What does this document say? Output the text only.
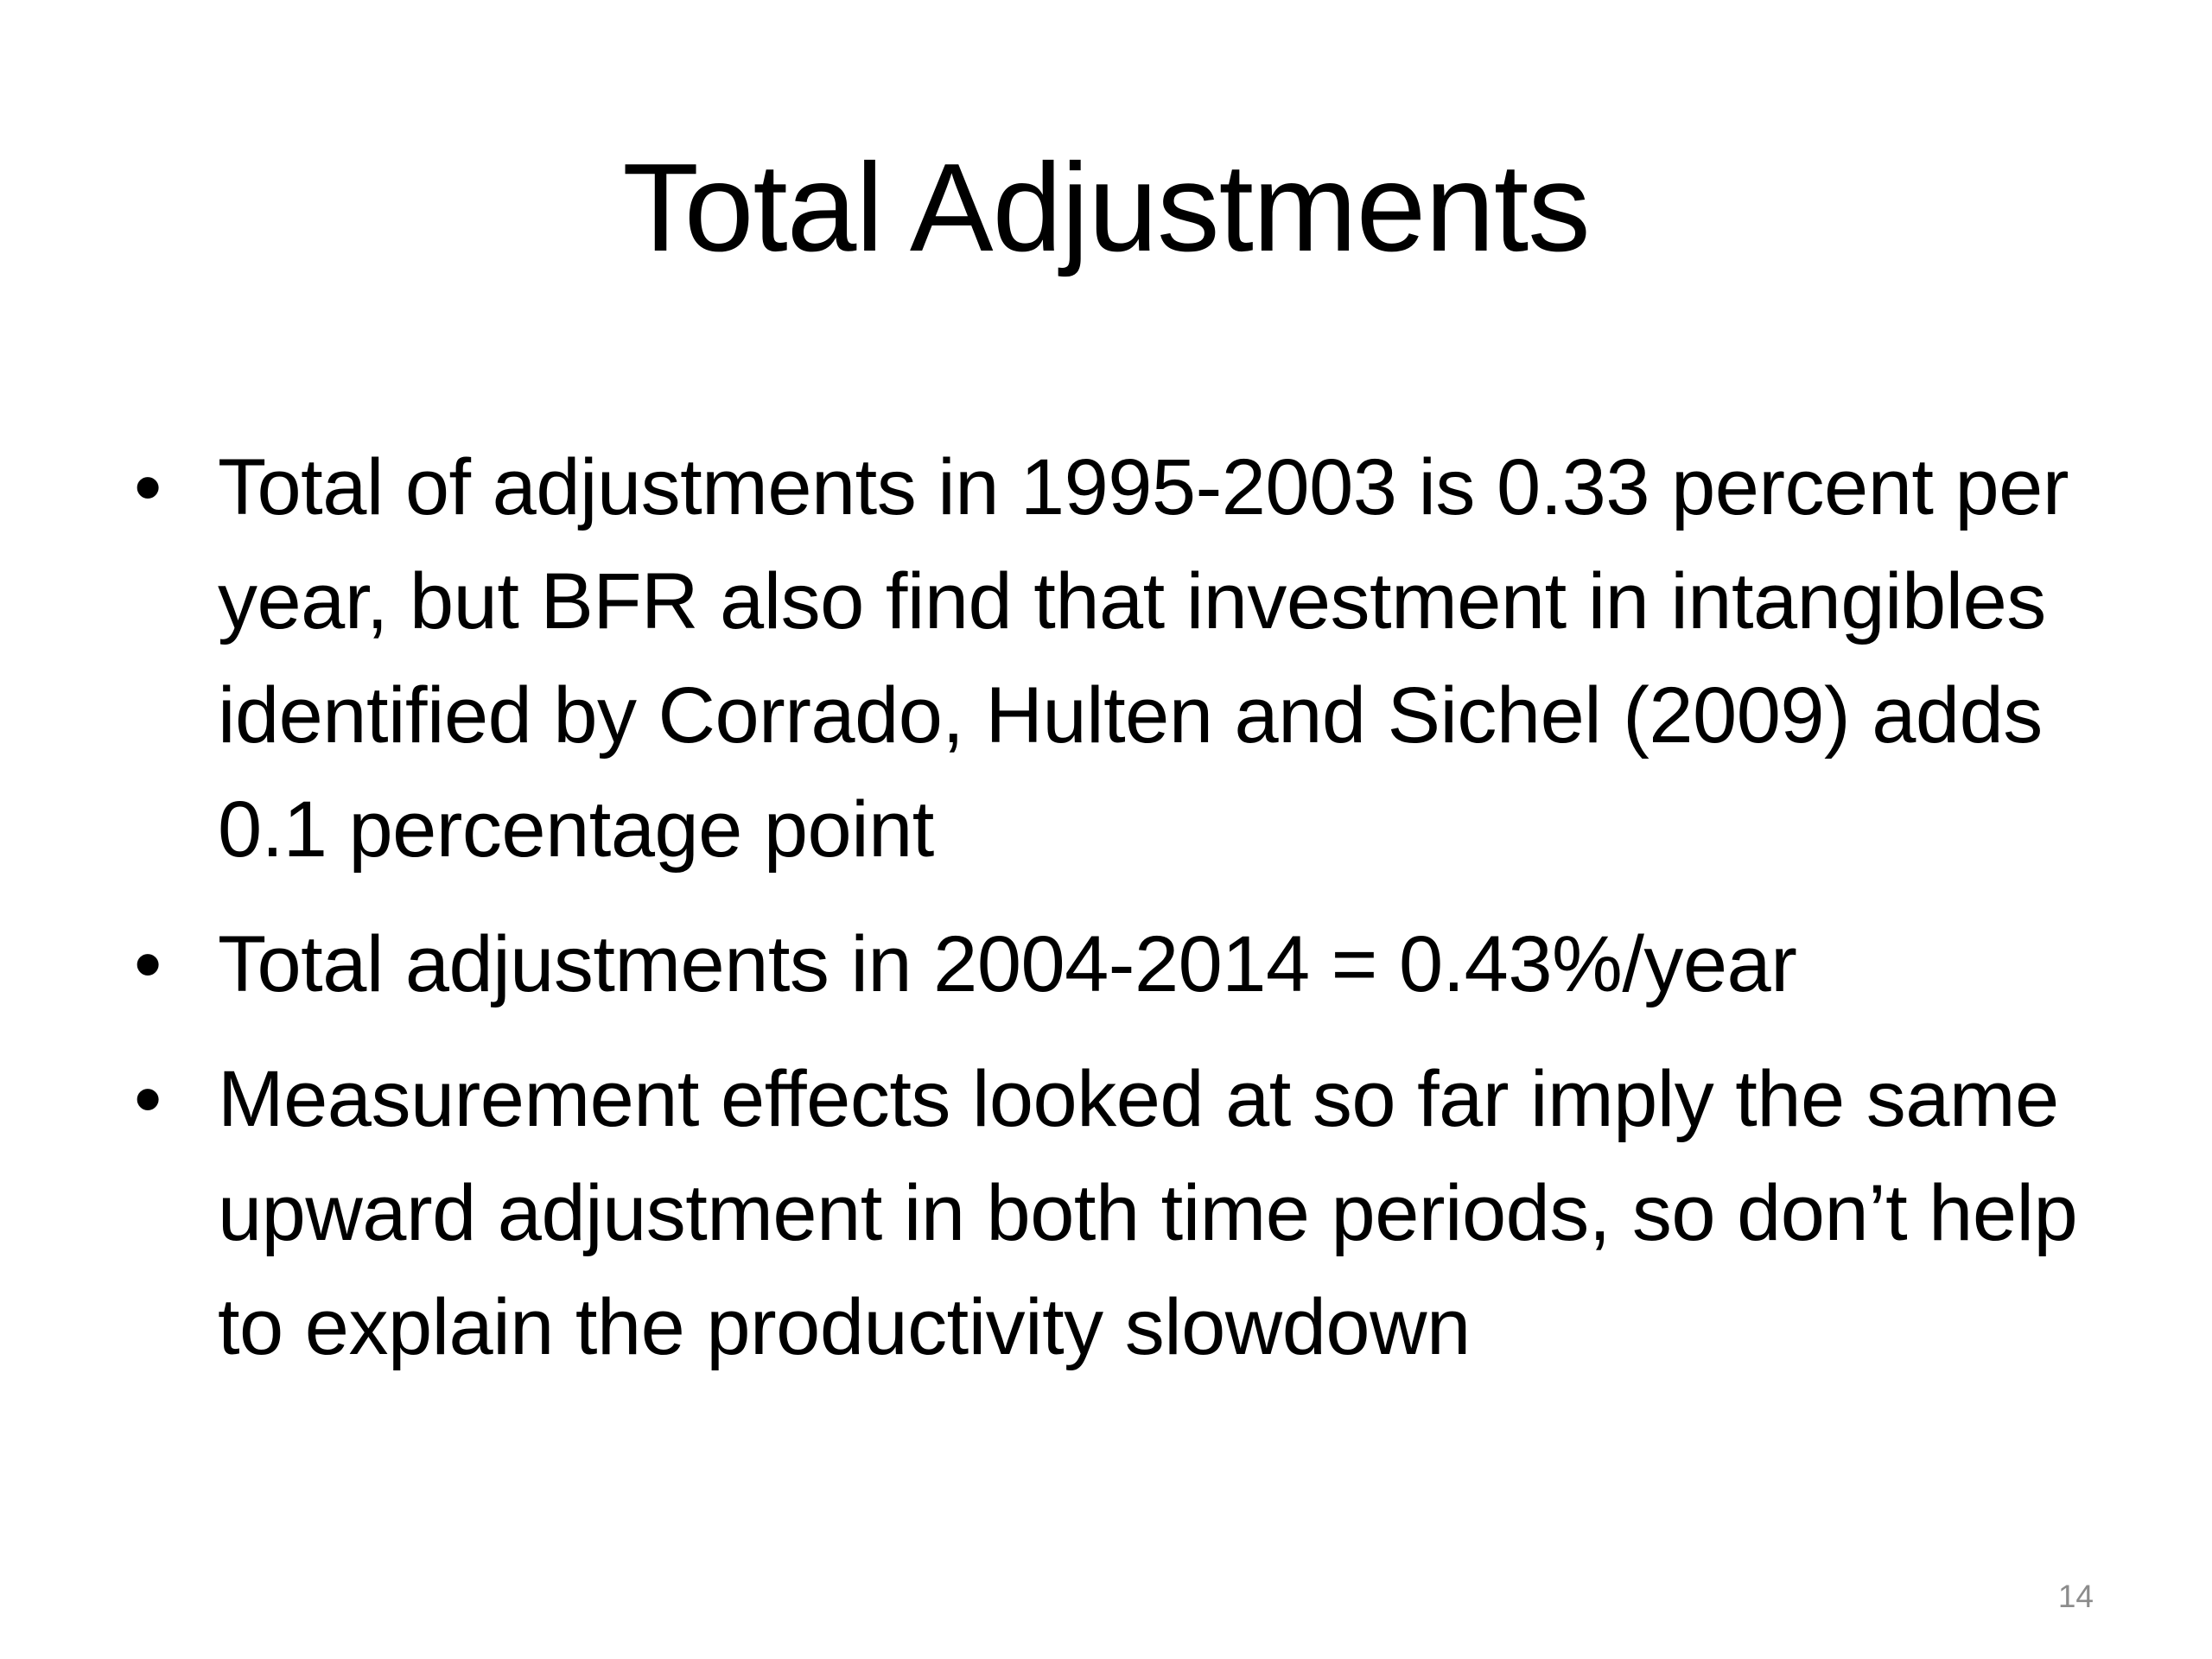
Total Adjustments
• Total of adjustments in 1995-2003 is 0.33 percent per year, but BFR also find that investment in intangibles identified by Corrado, Hulten and Sichel (2009) adds 0.1 percentage point
• Total adjustments in 2004-2014 = 0.43%/year
• Measurement effects looked at so far imply the same upward adjustment in both time periods, so don’t help to explain the productivity slowdown
14
